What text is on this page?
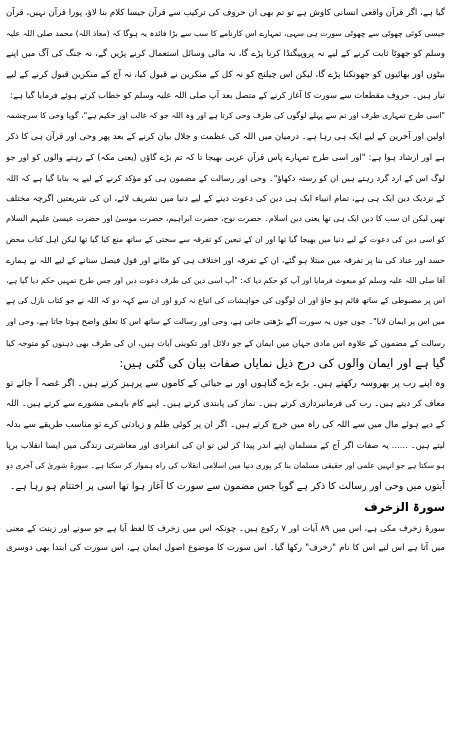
گیا ہے، اگر قرآن واقعی انسانی کاوش ہے تو تم بھی ان حروف کی ترکیب سے قرآن جیسا کلام بنا لاؤ، پورا قرآن نہیں، قرآن
جیسی کوئی چھوٹی سے چھوٹی سورت ہی سہی، تمہارے اس کارنامے کا سب سے بڑا فائدہ یہ ہوگا کہ (معاذ اللہ) محمد صلی اللہ علیہ
وسلم کو جھوٹا ثابت کرنے کے لیے نہ پروپیگنڈا کرنا پڑے گا، نہ مالی وسائل استعمال کرنے پڑیں گے، نہ جنگ کی آگ میں اپنے
بیٹوں اور بھائیوں کو جھونکنا پڑے گا، لیکن اس چیلنج کو نہ کل کے منکرین نے قبول کیا، نہ آج کے منکرین قبول کرنے کے لیے
تیار ہیں۔ حروف مقطعات سے سورت کا آغاز کرنے کے متصل بعد آپ صلی اللہ علیہ وسلم کو خطاب کرتے ہوئے فرمایا گیا ہے:
"اسی طرح تمہاری طرف اور تم سے پہلے لوگوں کی طرف وحی کرتا ہے اور وہ اللہ جو کہ غالب اور حکیم ہے"، گویا وحی کا سرچشمہ
اولین اور آخرین کے لیے ایک ہی رہا ہے۔ درمیان میں اللہ کی عظمت و جلال بیان کرنے کے بعد پھر وحی اور قرآن ہی کا ذکر
ہے اور ارشاد ہوا ہے: "اور اسی طرح تمہارے پاس قرآن عربی بھیجا تا کہ تم بڑے گاؤں (یعنی مکہ) کے رہنے والوں کو اور جو
لوگ اس کے ارد گرد رہتے ہیں ان کو رستہ دکھاؤ"۔ وحی اور رسالت کے مضمون ہی کو مؤکد کرنے کے لیے یہ بتایا گیا ہے کہ اللہ
کے نزدیک دین ایک ہی ہے، تمام انبیاء ایک ہی دین کی دعوت دینے کے لیے دنیا میں تشریف لائے، ان کی شریعتیں اگرچہ مختلف
تھیں لیکن ان سب کا دین ایک ہی تھا یعنی دین اسلام۔ حضرت نوح، حضرت ابراہیم، حضرت موسیٰ اور حضرت عیسیٰ علیہم السلام
کو اسی دین کی دعوت کے لیے دنیا میں بھیجا گیا تھا اور ان کے تبعین کو تفرقہ سے سختی کے ساتھ منع کیا گیا تھا لیکن اہل کتاب محض
حسد اور عناد کی بنا پر تفرقہ میں مبتلا ہو گئے، ان کے تفرقہ اور اختلاف ہی کو مٹانے اور قول فیصل سنانے کے لیے اللہ نے ہمارے
آقا صلی اللہ علیہ وسلم کو مبعوث فرمایا اور آپ کو حکم دیا کہ: "آپ اسی دین کی طرف دعوت دیں اور جس طرح تمہیں حکم دیا گیا ہے،
اس پر مضبوطی کے ساتھ قائم ہو جاؤ اور ان لوگوں کی خواہشات کی اتباع نہ کرو اور ان سے کہہ دو کہ اللہ نے جو کتاب نازل کی ہے
میں اس پر ایمان لایا"۔ جوں جوں یہ سورت آگے بڑھتی جاتی ہے، وحی اور رسالت کے ساتھ اس کا تعلق واضح ہوتا جاتا ہے، وحی اور
رسالت کے مضمون کے علاوہ اس مادی جہان میں ایمان کے جو دلائل اور تکوینی آیات ہیں، ان کی طرف بھی ذہنوں کو متوجہ کیا
گیا ہے اور ایمان والوں کی درج ذیل نمایاں صفات بیان کی گئی ہیں:
وہ اپنے رب پر بھروسہ رکھتے ہیں۔ بڑے بڑے گناہوں اور بے حیائی کے کاموں سے پرہیز کرتے ہیں۔ اگر غصہ آ جائے تو
معاف کر دیتے ہیں۔ رب کی فرمانبرداری کرتے ہیں۔ نماز کی پابندی کرتے ہیں۔ اپنے کام باہمی مشورے سے کرتے ہیں۔ اللہ
کے دیے ہوئے مال میں سے اللہ کی راہ میں خرچ کرتے ہیں۔ اگر ان پر کوئی ظلم و زیادتی کرے تو مناسب طریقے سے بدلہ
لیتے ہیں۔ ...... یہ صفات اگر آج کے مسلمان اپنے اندر پیدا کر لیں تو ان کی انفرادی اور معاشرتی زندگی میں ایسا انقلاب برپا
ہو سکتا ہے جو انہیں علمی اور حقیقی مسلمان بنا کر پوری دنیا میں اسلامی انقلاب کی راہ ہموار کر سکتا ہے۔ سورۂ شوریٰ کی آخری دو
آیتوں میں وحی اور رسالت کا ذکر ہے گویا جس مضمون سے سورت کا آغاز ہوا تھا اسی پر اختتام ہو رہا ہے۔
سورۃ الزخرف
سورۂ زخرف مکی ہے، اس میں ۸۹ آیات اور ۷ رکوع ہیں۔ چونکہ اس میں زخرف کا لفظ آیا ہے جو سونے اور زینت کے معنی
میں آتا ہے اس لیے اس کا نام "زخرف" رکھا گیا۔ اس سورت کا موضوع اصول ایمان ہے، اس سورت کی ابتدا بھی دوسری
